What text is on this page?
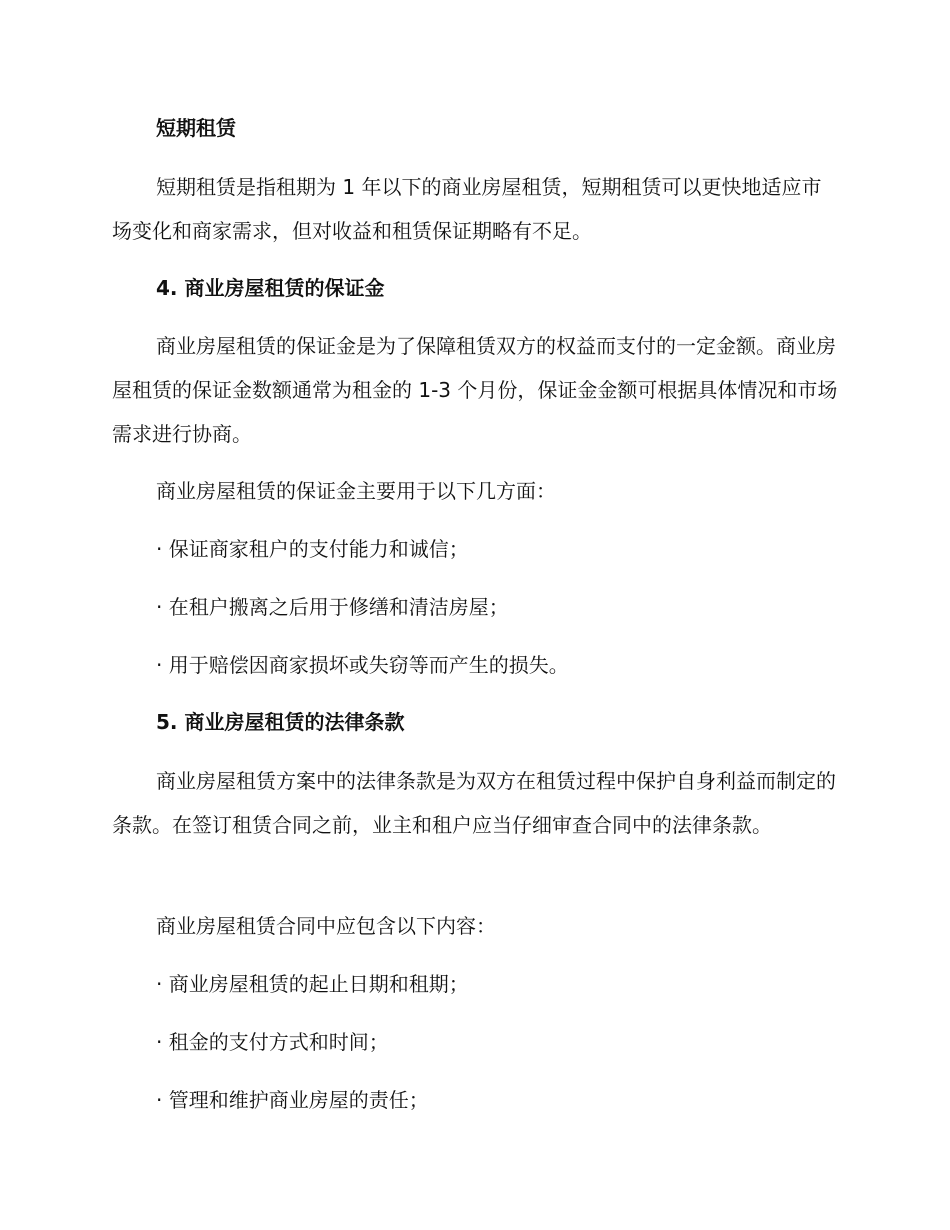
短期租赁

短期租赁是指租期为 1 年以下的商业房屋租赁，短期租赁可以更快地适应市场变化和商家需求，但对收益和租赁保证期略有不足。

4. 商业房屋租赁的保证金

商业房屋租赁的保证金是为了保障租赁双方的权益而支付的一定金额。商业房屋租赁的保证金数额通常为租金的 1-3 个月份，保证金金额可根据具体情况和市场需求进行协商。

商业房屋租赁的保证金主要用于以下几方面：

· 保证商家租户的支付能力和诚信；

· 在租户搬离之后用于修缮和清洁房屋；

· 用于赔偿因商家损坏或失窃等而产生的损失。

5. 商业房屋租赁的法律条款

商业房屋租赁方案中的法律条款是为双方在租赁过程中保护自身利益而制定的条款。在签订租赁合同之前，业主和租户应当仔细审查合同中的法律条款。

商业房屋租赁合同中应包含以下内容：

· 商业房屋租赁的起止日期和租期；

· 租金的支付方式和时间；

· 管理和维护商业房屋的责任；
